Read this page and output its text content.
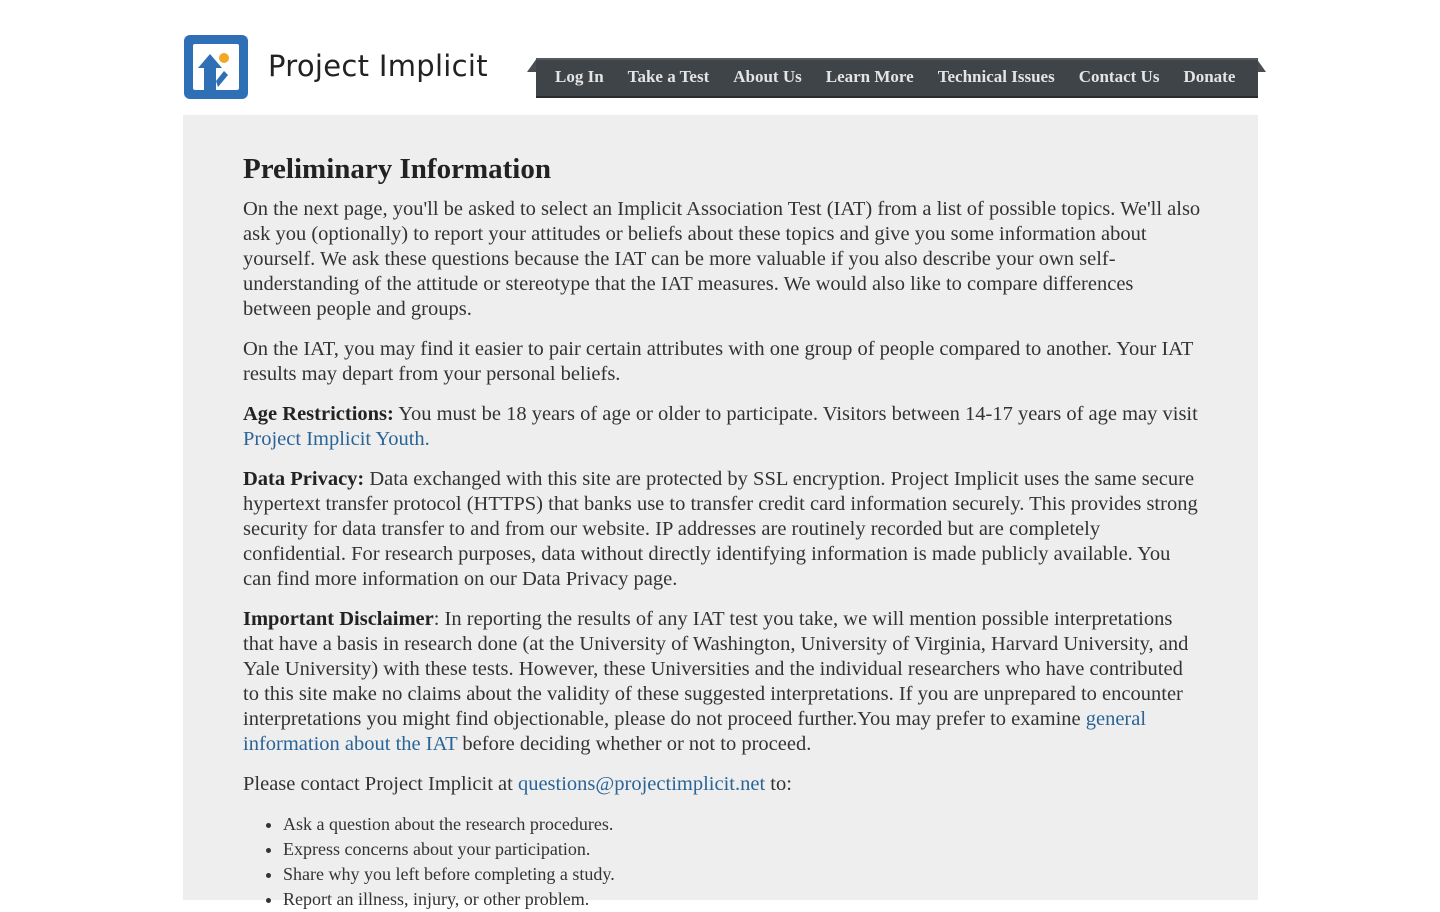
Project Implicit	Log In	Take a Test	About Us	Learn More	Technical Issues	Contact Us	Donate
Preliminary Information

On the next page, you'll be asked to select an Implicit Association Test (IAT) from a list of possible topics. We'll also ask you (optionally) to report your attitudes or beliefs about these topics and give you some information about yourself. We ask these questions because the IAT can be more valuable if you also describe your own self-understanding of the attitude or stereotype that the IAT measures. We would also like to compare differences between people and groups.

On the IAT, you may find it easier to pair certain attributes with one group of people compared to another. Your IAT results may depart from your personal beliefs.

Age Restrictions: You must be 18 years of age or older to participate. Visitors between 14-17 years of age may visit Project Implicit Youth.

Data Privacy: Data exchanged with this site are protected by SSL encryption. Project Implicit uses the same secure hypertext transfer protocol (HTTPS) that banks use to transfer credit card information securely. This provides strong security for data transfer to and from our website. IP addresses are routinely recorded but are completely confidential. For research purposes, data without directly identifying information is made publicly available. You can find more information on our Data Privacy page.

Important Disclaimer: In reporting the results of any IAT test you take, we will mention possible interpretations that have a basis in research done (at the University of Washington, University of Virginia, Harvard University, and Yale University) with these tests. However, these Universities and the individual researchers who have contributed to this site make no claims about the validity of these suggested interpretations. If you are unprepared to encounter interpretations you might find objectionable, please do not proceed further.You may prefer to examine general information about the IAT before deciding whether or not to proceed.

Please contact Project Implicit at questions@projectimplicit.net to:

• Ask a question about the research procedures.
• Express concerns about your participation.
• Share why you left before completing a study.
• Report an illness, injury, or other problem.
